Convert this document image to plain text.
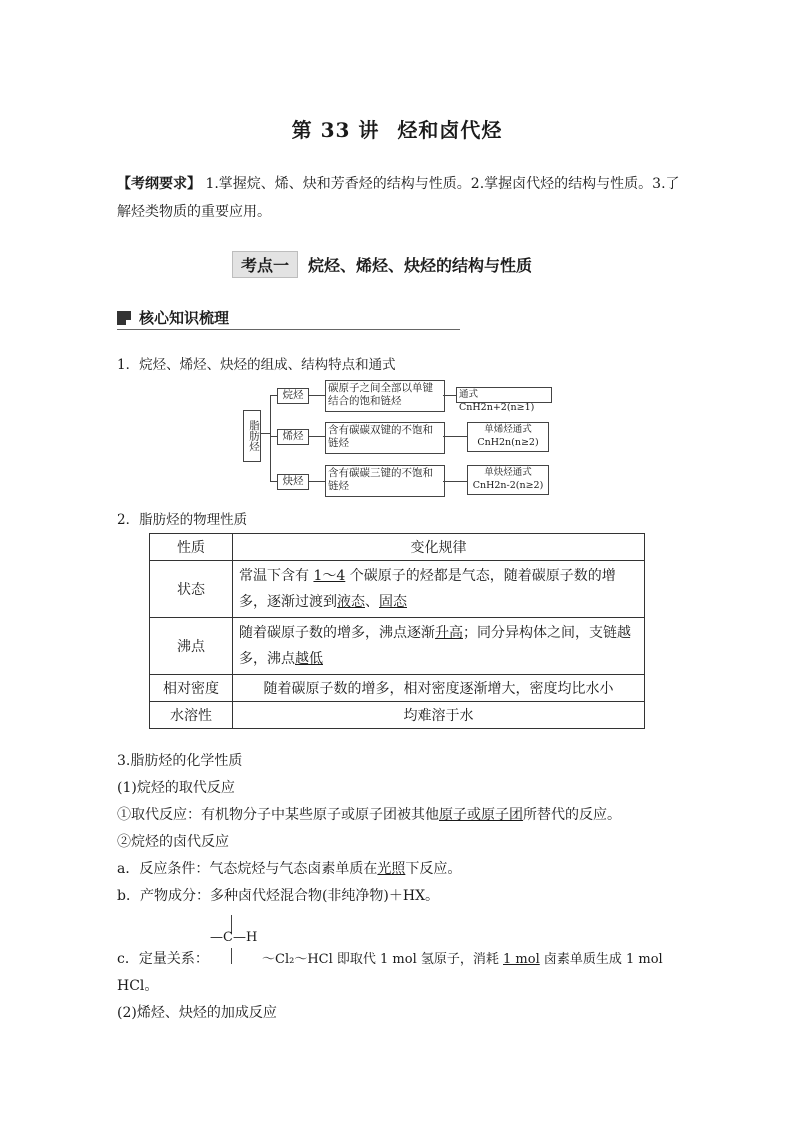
第 33 讲 烃和卤代烃
【考纲要求】 1.掌握烷、烯、炔和芳香烃的结构与性质。2.掌握卤代烃的结构与性质。3.了解烃类物质的重要应用。
考点一	烷烃、烯烃、炔烃的结构与性质
核心知识梳理
1．烷烃、烯烃、炔烃的组成、结构特点和通式
脂肪烃
烷烃
碳原子之间全部以单键结合的饱和链烃
通式CnH2n+2(n≥1)
烯烃	含有碳碳双键的不饱和链烃
单烯烃通式
CnH2n(n≥2)
炔烃
含有碳碳三键的不饱和链烃
单炔烃通式
CnH2n-2(n≥2)
2．脂肪烃的物理性质
性质	变化规律
状态	常温下含有 1～4 个碳原子的烃都是气态，随着碳原子数的增多，逐渐过渡到液态、固态
沸点	随着碳原子数的增多，沸点逐渐升高；同分异构体之间，支链越多，沸点越低
相对密度	随着碳原子数的增多，相对密度逐渐增大，密度均比水小
水溶性	均难溶于水
3.脂肪烃的化学性质
(1)烷烃的取代反应
①取代反应：有机物分子中某些原子或原子团被其他原子或原子团所替代的反应。
②烷烃的卤代反应
a．反应条件：气态烷烃与气态卤素单质在光照下反应。
b．产物成分：多种卤代烃混合物(非纯净物)＋HX。
c．定量关系：
—C—H
～Cl₂～HCl 即取代 1 mol 氢原子，消耗 1 mol 卤素单质生成 1 mol
HCl。
(2)烯烃、炔烃的加成反应
